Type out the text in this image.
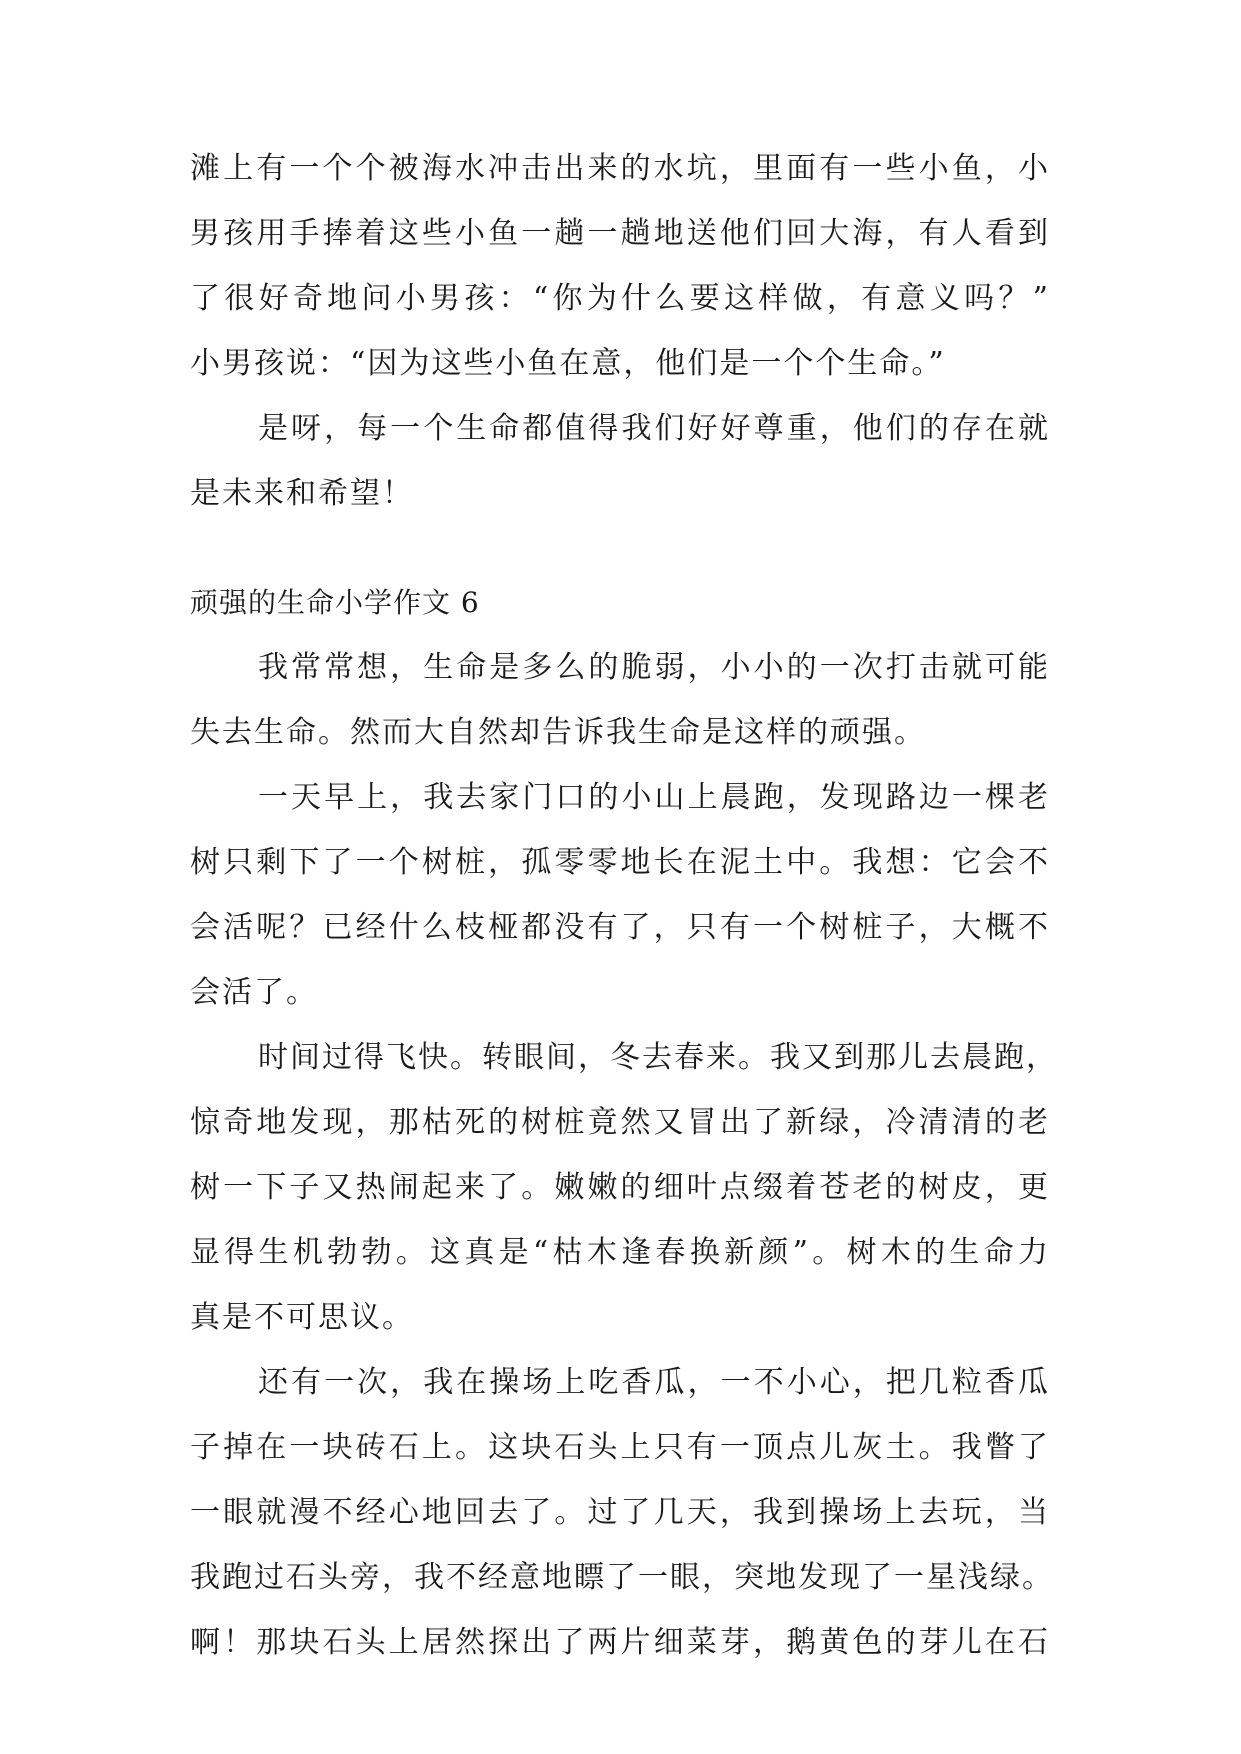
滩上有一个个被海水冲击出来的水坑，里面有一些小鱼，小
男孩用手捧着这些小鱼一趟一趟地送他们回大海，有人看到
了很好奇地问小男孩：“你为什么要这样做，有意义吗？”
小男孩说：“因为这些小鱼在意，他们是一个个生命。”
是呀，每一个生命都值得我们好好尊重，他们的存在就
是未来和希望！
顽强的生命小学作文 6
我常常想，生命是多么的脆弱，小小的一次打击就可能
失去生命。然而大自然却告诉我生命是这样的顽强。
一天早上，我去家门口的小山上晨跑，发现路边一棵老
树只剩下了一个树桩，孤零零地长在泥土中。我想：它会不
会活呢？已经什么枝桠都没有了，只有一个树桩子，大概不
会活了。
时间过得飞快。转眼间，冬去春来。我又到那儿去晨跑，
惊奇地发现，那枯死的树桩竟然又冒出了新绿，冷清清的老
树一下子又热闹起来了。嫩嫩的细叶点缀着苍老的树皮，更
显得生机勃勃。这真是“枯木逢春换新颜”。树木的生命力
真是不可思议。
还有一次，我在操场上吃香瓜，一不小心，把几粒香瓜
子掉在一块砖石上。这块石头上只有一顶点儿灰土。我瞥了
一眼就漫不经心地回去了。过了几天，我到操场上去玩，当
我跑过石头旁，我不经意地瞟了一眼，突地发现了一星浅绿。
啊！那块石头上居然探出了两片细菜芽，鹅黄色的芽儿在石
